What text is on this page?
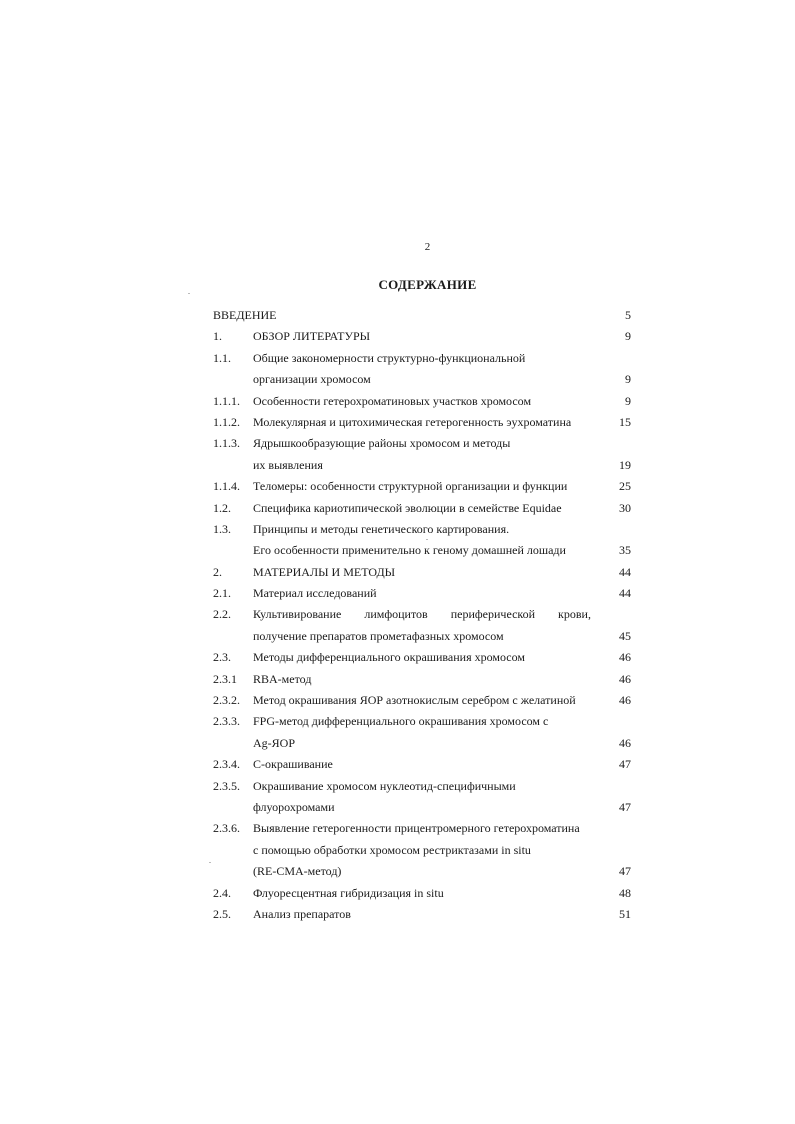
2
СОДЕРЖАНИЕ
ВВЕДЕНИЕ	5
1.	ОБЗОР ЛИТЕРАТУРЫ	9
1.1.	Общие закономерности структурно-функциональной
организации хромосом	9
1.1.1.	Особенности гетерохроматиновых участков хромосом	9
1.1.2.	Молекулярная и цитохимическая гетерогенность эухроматина	15
1.1.3.	Ядрышкообразующие районы хромосом и методы
их выявления	19
1.1.4.	Теломеры: особенности структурной организации и функции	25
1.2.	Специфика кариотипической эволюции в семействе Equidae	30
1.3.	Принципы и методы генетического картирования.
Его особенности применительно к геному домашней лошади	35
2.	МАТЕРИАЛЫ И МЕТОДЫ	44
2.1.	Материал исследований	44
2.2.	Культивирование лимфоцитов периферической крови,
получение препаратов прометафазных хромосом	45
2.3.	Методы дифференциального окрашивания хромосом	46
2.3.1	RBA-метод	46
2.3.2.	Метод окрашивания ЯОР азотнокислым серебром с желатиной	46
2.3.3.	FPG-метод дифференциального окрашивания хромосом с
Ag-ЯОР	46
2.3.4.	С-окрашивание	47
2.3.5.	Окрашивание хромосом нуклеотид-специфичными
флуорохромами	47
2.3.6.	Выявление гетерогенности прицентромерного гетерохроматина
с помощью обработки хромосом рестриктазами in situ
(RE-CMA-метод)	47
2.4.	Флуоресцентная гибридизация in situ	48
2.5.	Анализ препаратов	51
